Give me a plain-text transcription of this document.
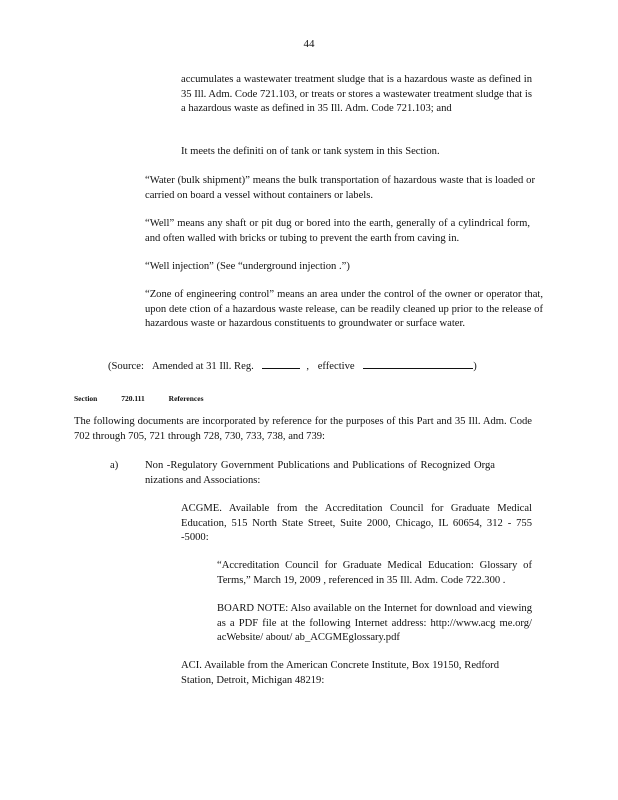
44

accumulates a wastewater treatment sludge that is a hazardous waste as defined in 35 Ill. Adm. Code 721.103, or treats or stores a wastewater treatment sludge that is a hazardous waste as defined in 35 Ill. Adm. Code 721.103; and

It meets the definiti on of tank or tank system in this Section.

“Water (bulk shipment)” means the bulk transportation of hazardous waste that is loaded or carried on board a vessel without containers or labels.

“Well” means any shaft or pit dug or bored into the earth, generally of a cylindrical form, and often walled with bricks or tubing to prevent the earth from caving in.

“Well injection” (See “underground injection .”)

“Zone of engineering control” means an area under the control of the owner or operator that, upon dete ction of a hazardous waste release, can be readily cleaned up prior to the release of hazardous waste or hazardous constituents to groundwater or surface water.

(Source: Amended at 31 Ill. Reg.	, effective	)
Section	720.111	References

The following documents are incorporated by reference for the purposes of this Part and 35 Ill. Adm. Code 702 through 705, 721 through 728, 730, 733, 738, and 739:

a)	Non -Regulatory Government Publications and Publications of Recognized Orga nizations and Associations:

ACGME. Available from the Accreditation Council for Graduate Medical Education, 515 North State Street, Suite 2000, Chicago, IL 60654, 312 - 755 -5000:

“Accreditation Council for Graduate Medical Education: Glossary of Terms,” March 19, 2009 , referenced in 35 Ill. Adm. Code 722.300 .

BOARD NOTE: Also available on the Internet for download and viewing as a PDF file at the following Internet address: http://www.acg me.org/ acWebsite/ about/ ab_ACGMEglossary.pdf

ACI. Available from the American Concrete Institute, Box 19150, Redford Station, Detroit, Michigan 48219:
